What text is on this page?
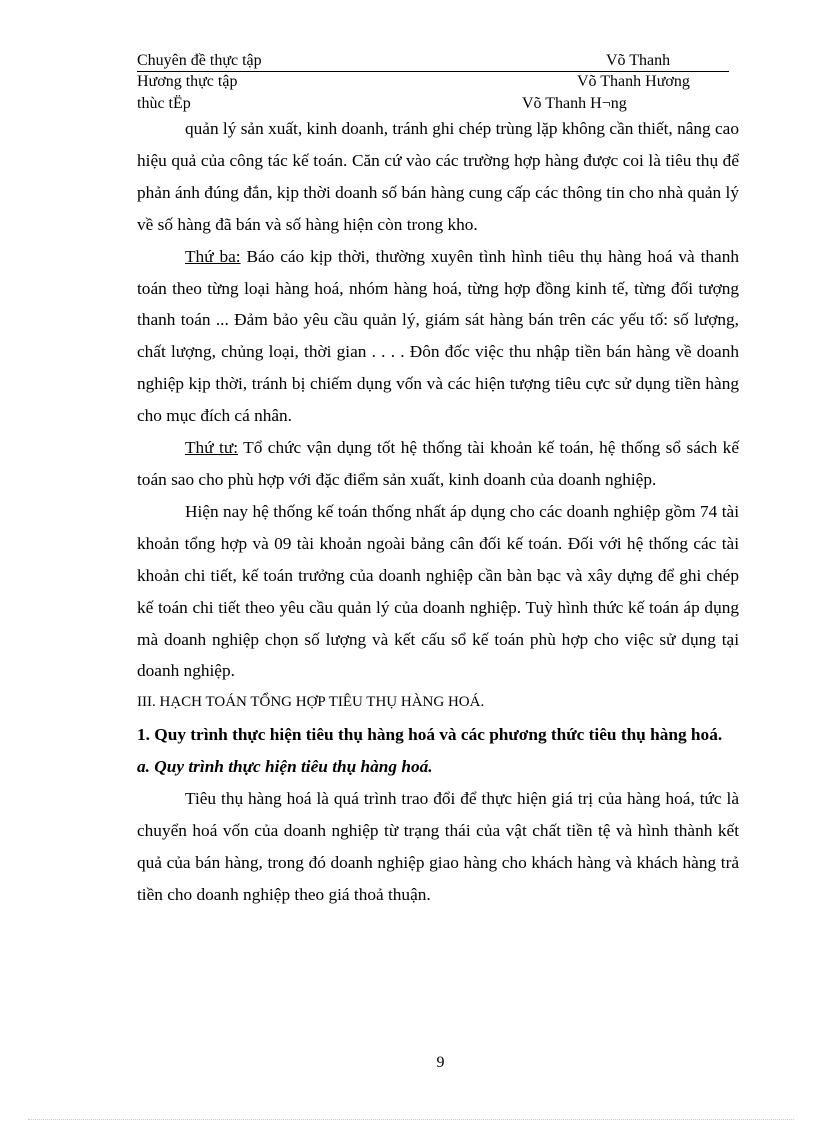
Chuyên đề thực tập	Võ Thanh
Hương thực tập	Võ Thanh Hương
thùc tËp	Võ Thanh H¬ng

quản lý sản xuất, kinh doanh, tránh ghi chép trùng lặp không cần thiết, nâng cao hiệu quả của công tác kế toán. Căn cứ vào các trường hợp hàng được coi là tiêu thụ để phản ánh đúng đắn, kịp thời doanh số bán hàng cung cấp các thông tin cho nhà quản lý về số hàng đã bán và số hàng hiện còn trong kho.

Thứ ba: Báo cáo kịp thời, thường xuyên tình hình tiêu thụ hàng hoá và thanh toán theo từng loại hàng hoá, nhóm hàng hoá, từng hợp đồng kinh tế, từng đối tượng thanh toán ... Đảm bảo yêu cầu quản lý, giám sát hàng bán trên các yếu tố: số lượng, chất lượng, chủng loại, thời gian . . . . Đôn đốc việc thu nhập tiền bán hàng về doanh nghiệp kịp thời, tránh bị chiếm dụng vốn và các hiện tượng tiêu cực sử dụng tiền hàng cho mục đích cá nhân.

Thứ tư: Tổ chức vận dụng tốt hệ thống tài khoản kế toán, hệ thống sổ sách kế toán sao cho phù hợp với đặc điểm sản xuất, kinh doanh của doanh nghiệp.

Hiện nay hệ thống kế toán thống nhất áp dụng cho các doanh nghiệp gồm 74 tài khoản tổng hợp và 09 tài khoản ngoài bảng cân đối kế toán. Đối với hệ thống các tài khoản chi tiết, kế toán trưởng của doanh nghiệp cần bàn bạc và xây dựng để ghi chép kế toán chi tiết theo yêu cầu quản lý của doanh nghiệp. Tuỳ hình thức kế toán áp dụng mà doanh nghiệp chọn số lượng và kết cấu sổ kế toán phù hợp cho việc sử dụng tại doanh nghiệp.

III. HẠCH TOÁN TỔNG HỢP TIÊU THỤ HÀNG HOÁ.
1. Quy trình thực hiện tiêu thụ hàng hoá và các phương thức tiêu thụ hàng hoá.
a. Quy trình thực hiện tiêu thụ hàng hoá.

Tiêu thụ hàng hoá là quá trình trao đổi để thực hiện giá trị của hàng hoá, tức là chuyển hoá vốn của doanh nghiệp từ trạng thái của vật chất tiền tệ và hình thành kết quả của bán hàng, trong đó doanh nghiệp giao hàng cho khách hàng và khách hàng trả tiền cho doanh nghiệp theo giá thoả thuận.

9
